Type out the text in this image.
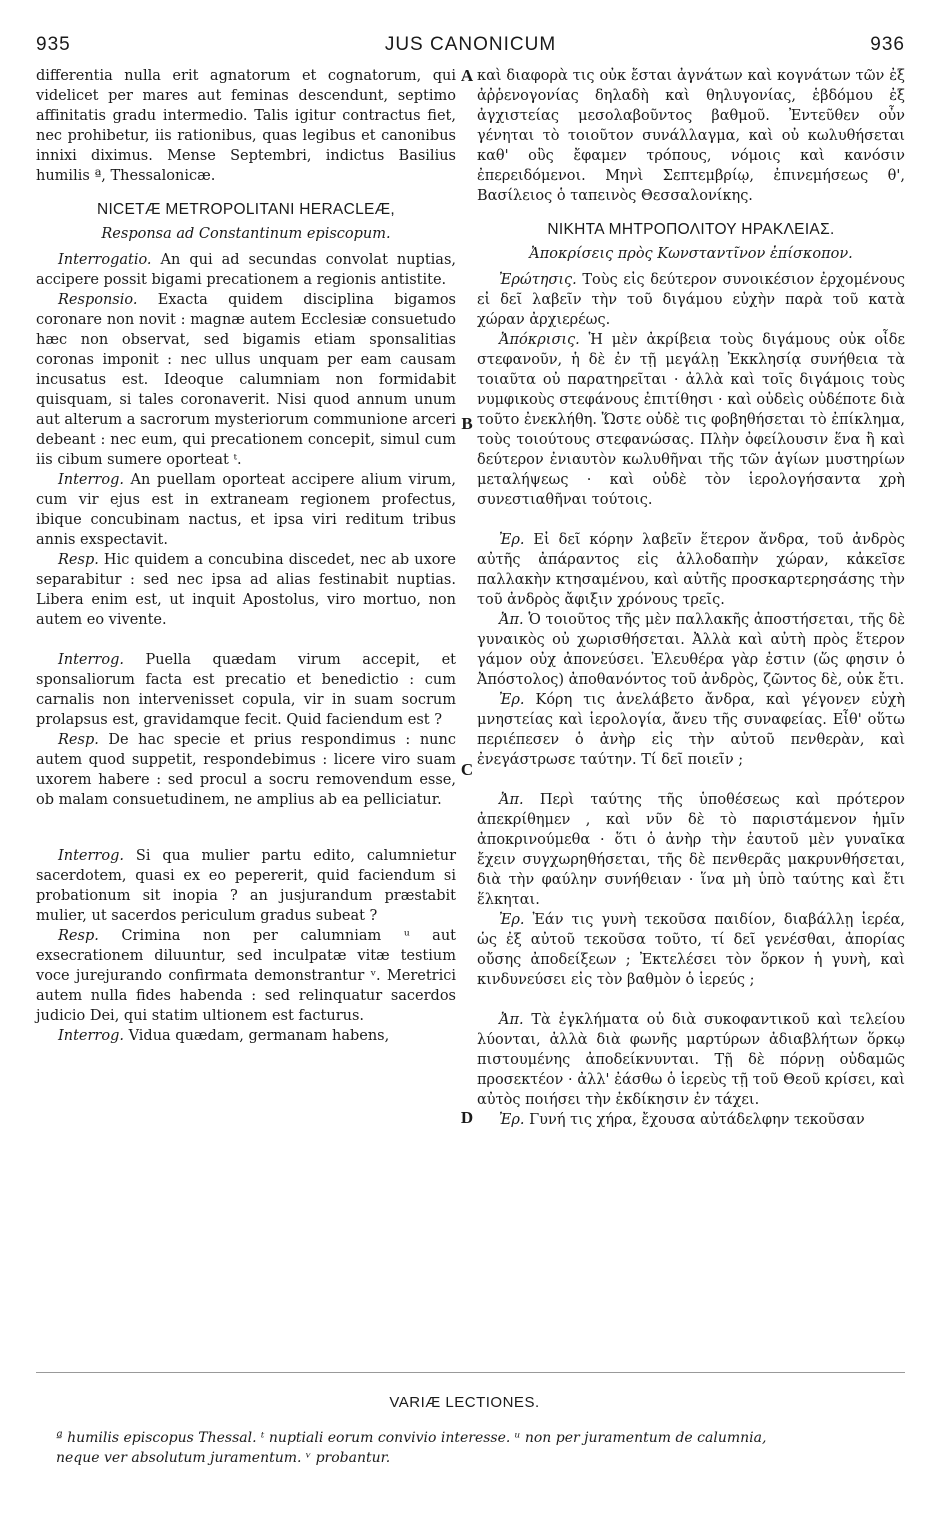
935	JUS CANONICUM	936
A
B
C
D

differentia nulla erit agnatorum et cognatorum, qui videlicet per mares aut feminas descendunt, septimo affinitatis gradu intermedio. Talis igitur contractus fiet, nec prohibetur, iis rationibus, quas legibus et canonibus innixi diximus. Mense Septembri, indictus Basilius humilis ª, Thessalonicæ.

NICETÆ METROPOLITANI HERACLEÆ,
Responsa ad Constantinum episcopum.

Interrogatio. An qui ad secundas convolat nuptias, accipere possit bigami precationem a regionis antistite.

Responsio. Exacta quidem disciplina bigamos coronare non novit : magnæ autem Ecclesiæ consuetudo hæc non observat, sed bigamis etiam sponsalitias coronas imponit : nec ullus unquam per eam causam incusatus est. Ideoque calumniam non formidabit quisquam, si tales coronaverit. Nisi quod annum unum aut alterum a sacrorum mysteriorum communione arceri debeant : nec eum, qui precationem concepit, simul cum iis cibum sumere oporteat ᵗ.

Interrog. An puellam oporteat accipere alium virum, cum vir ejus est in extraneam regionem profectus, ibique concubinam nactus, et ipsa viri reditum tribus annis exspectavit.

Resp. Hic quidem a concubina discedet, nec ab uxore separabitur : sed nec ipsa ad alias festinabit nuptias. Libera enim est, ut inquit Apostolus, viro mortuo, non autem eo vivente.

Interrog. Puella quædam virum accepit, et sponsaliorum facta est precatio et benedictio : cum carnalis non intervenisset copula, vir in suam socrum prolapsus est, gravidamque fecit. Quid faciendum est ?

Resp. De hac specie et prius respondimus : nunc autem quod suppetit, respondebimus : licere viro suam uxorem habere : sed procul a socru removendum esse, ob malam consuetudinem, ne amplius ab ea pelliciatur.

Interrog. Si qua mulier partu edito, calumnietur sacerdotem, quasi ex eo pepererit, quid faciendum si probationum sit inopia ? an jusjurandum præstabit mulier, ut sacerdos periculum gradus subeat ?

Resp. Crimina non per calumniam ᵘ aut exsecrationem diluuntur, sed inculpatæ vitæ testium voce jurejurando confirmata demonstrantur ᵛ. Meretrici autem nulla fides habenda : sed relinquatur sacerdos judicio Dei, qui statim ultionem est facturus.

Interrog. Vidua quædam, germanam habens,

καὶ διαφορὰ τις οὐκ ἔσται ἀγνάτων καὶ κογνάτων τῶν ἐξ ἀῤῥενογονίας δηλαδὴ καὶ θηλυγονίας, ἑβδόμου ἐξ ἀγχιστείας μεσολαβοῦντος βαθμοῦ. Ἐντεῦθεν οὖν γένηται τὸ τοιοῦτον συνάλλαγμα, καὶ οὐ κωλυθήσεται καθ' οὓς ἔφαμεν τρόπους, νόμοις καὶ κανόσιν ἐπερειδόμενοι. Μηνὶ Σεπτεμβρίῳ, ἐπινεμήσεως θ', Βασίλειος ὁ ταπεινὸς Θεσσαλονίκης.

ΝΙΚΗΤΑ ΜΗΤΡΟΠΟΛΙΤΟΥ ΗΡΑΚΛΕΙΑΣ.
Ἀποκρίσεις πρὸς Κωνσταντῖνον ἐπίσκοπον.

Ἐρώτησις. Τοὺς εἰς δεύτερον συνοικέσιον ἐρχομένους εἰ δεῖ λαβεῖν τὴν τοῦ διγάμου εὐχὴν παρὰ τοῦ κατὰ χώραν ἀρχιερέως.

Ἀπόκρισις. Ἡ μὲν ἀκρίβεια τοὺς διγάμους οὐκ οἶδε στεφανοῦν, ἡ δὲ ἐν τῇ μεγάλῃ Ἐκκλησίᾳ συνήθεια τὰ τοιαῦτα οὐ παρατηρεῖται · ἀλλὰ καὶ τοῖς διγάμοις τοὺς νυμφικοὺς στεφάνους ἐπιτίθησι · καὶ οὐδεὶς οὐδέποτε διὰ τοῦτο ἐνεκλήθη. Ὥστε οὐδὲ τις φοβηθήσεται τὸ ἐπίκλημα, τοὺς τοιούτους στεφανώσας. Πλὴν ὀφείλουσιν ἕνα ἢ καὶ δεύτερον ἐνιαυτὸν κωλυθῆναι τῆς τῶν ἁγίων μυστηρίων μεταλήψεως · καὶ οὐδὲ τὸν ἱερολογήσαντα χρὴ συνεστιαθῆναι τούτοις.

Ἐρ. Εἰ δεῖ κόρην λαβεῖν ἕτερον ἄνδρα, τοῦ ἀνδρὸς αὐτῆς ἀπάραντος εἰς ἀλλοδαπὴν χώραν, κἀκεῖσε παλλακὴν κτησαμένου, καὶ αὐτῆς προσκαρτερησάσης τὴν τοῦ ἀνδρὸς ἄφιξιν χρόνους τρεῖς.

Ἀπ. Ὁ τοιοῦτος τῆς μὲν παλλακῆς ἀποστήσεται, τῆς δὲ γυναικὸς οὐ χωρισθήσεται. Ἀλλὰ καὶ αὐτὴ πρὸς ἕτερον γάμον οὐχ ἀπονεύσει. Ἐλευθέρα γὰρ ἐστιν (ὥς φησιν ὁ Ἀπόστολος) ἀποθανόντος τοῦ ἀνδρὸς, ζῶντος δὲ, οὐκ ἔτι.

Ἐρ. Κόρη τις ἀνελάβετο ἄνδρα, καὶ γέγονεν εὐχὴ μνηστείας καὶ ἱερολογία, ἄνευ τῆς συναφείας. Εἶθ' οὕτω περιέπεσεν ὁ ἀνὴρ εἰς τὴν αὐτοῦ πενθερὰν, καὶ ἐνεγάστρωσε ταύτην. Τί δεῖ ποιεῖν ;

Ἀπ. Περὶ ταύτης τῆς ὑποθέσεως καὶ πρότερον ἀπεκρίθημεν , καὶ νῦν δὲ τὸ παριστάμενον ἡμῖν ἀποκρινούμεθα · ὅτι ὁ ἀνὴρ τὴν ἑαυτοῦ μὲν γυναῖκα ἔχειν συγχωρηθήσεται, τῆς δὲ πενθερᾶς μακρυνθήσεται, διὰ τὴν φαύλην συνήθειαν · ἵνα μὴ ὑπὸ ταύτης καὶ ἔτι ἕλκηται.

Ἐρ. Ἐάν τις γυνὴ τεκοῦσα παιδίον, διαβάλλῃ ἱερέα, ὡς ἐξ αὐτοῦ τεκοῦσα τοῦτο, τί δεῖ γενέσθαι, ἀπορίας οὔσης ἀποδείξεων ; Ἐκτελέσει τὸν ὅρκον ἡ γυνὴ, καὶ κινδυνεύσει εἰς τὸν βαθμὸν ὁ ἱερεύς ;

Ἀπ. Τὰ ἐγκλήματα οὐ διὰ συκοφαντικοῦ καὶ τελείου λύονται, ἀλλὰ διὰ φωνῆς μαρτύρων ἀδιαβλήτων ὅρκῳ πιστουμένης ἀποδείκνυνται. Τῇ δὲ πόρνῃ οὐδαμῶς προσεκτέον · ἀλλ' ἐάσθω ὁ ἱερεὺς τῇ τοῦ Θεοῦ κρίσει, καὶ αὐτὸς ποιήσει τὴν ἐκδίκησιν ἐν τάχει.

Ἐρ. Γυνή τις χήρα, ἔχουσα αὐτάδελφην τεκοῦσαν

VARIÆ LECTIONES.
ª humilis episcopus Thessal. ᵗ nuptiali eorum convivio interesse. ᵘ non per juramentum de calumnia,
neque ver absolutum juramentum. ᵛ probantur.
